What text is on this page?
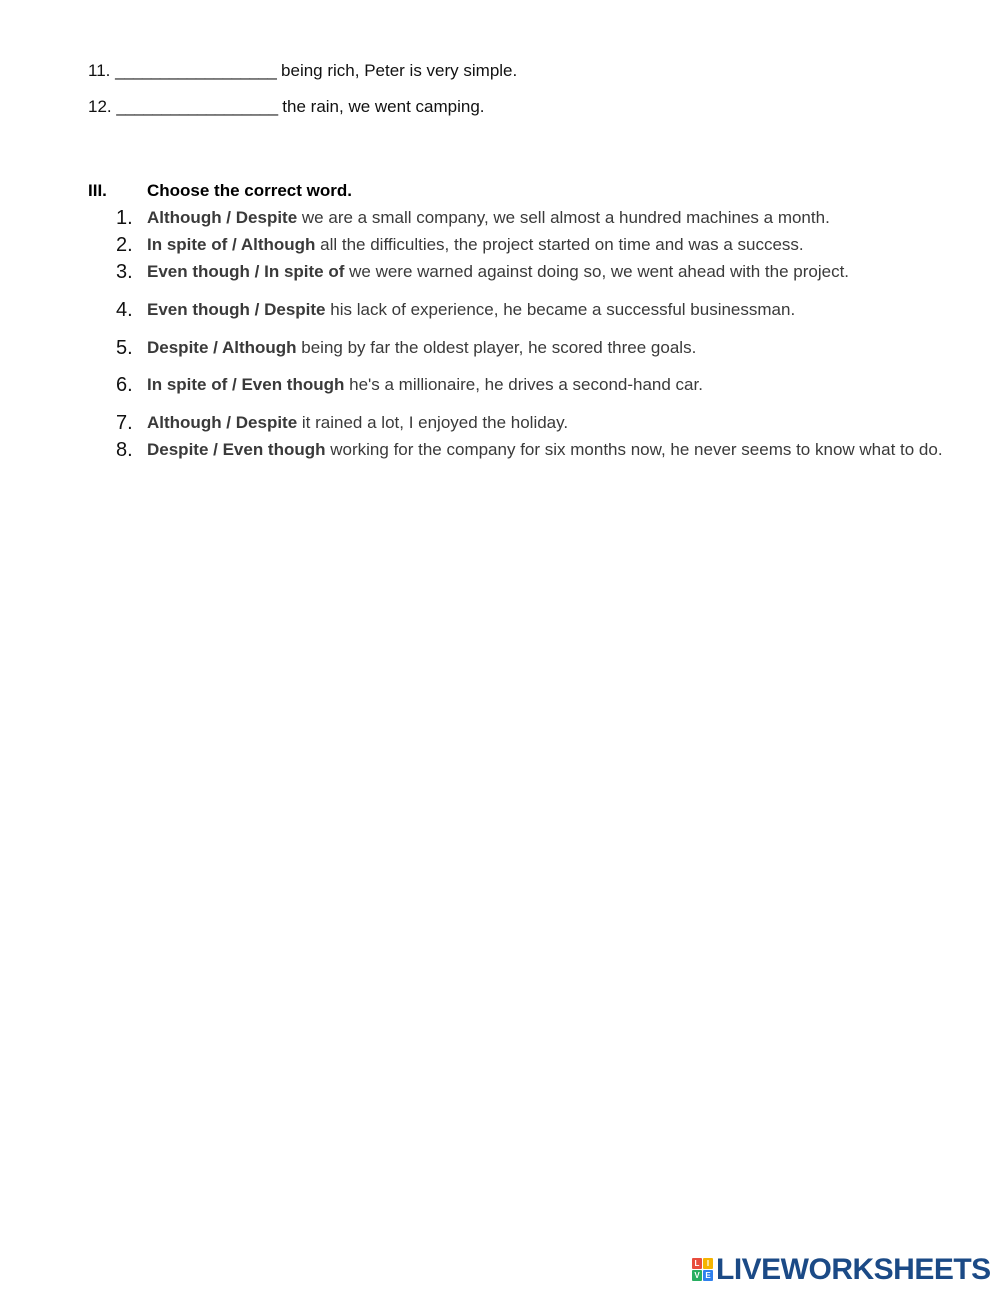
11. __________________ being rich, Peter is very simple.
12. __________________ the rain, we went camping.
III. Choose the correct word.
1. Although / Despite we are a small company, we sell almost a hundred machines a month.
2. In spite of / Although all the difficulties, the project started on time and was a success.
3. Even though / In spite of we were warned against doing so, we went ahead with the project.
4. Even though / Despite his lack of experience, he became a successful businessman.
5. Despite / Although being by far the oldest player, he scored three goals.
6. In spite of / Even though he's a millionaire, he drives a second-hand car.
7. Although / Despite it rained a lot, I enjoyed the holiday.
8. Despite / Even though working for the company for six months now, he never seems to know what to do.
L I
V E LIVEWORKSHEETS
